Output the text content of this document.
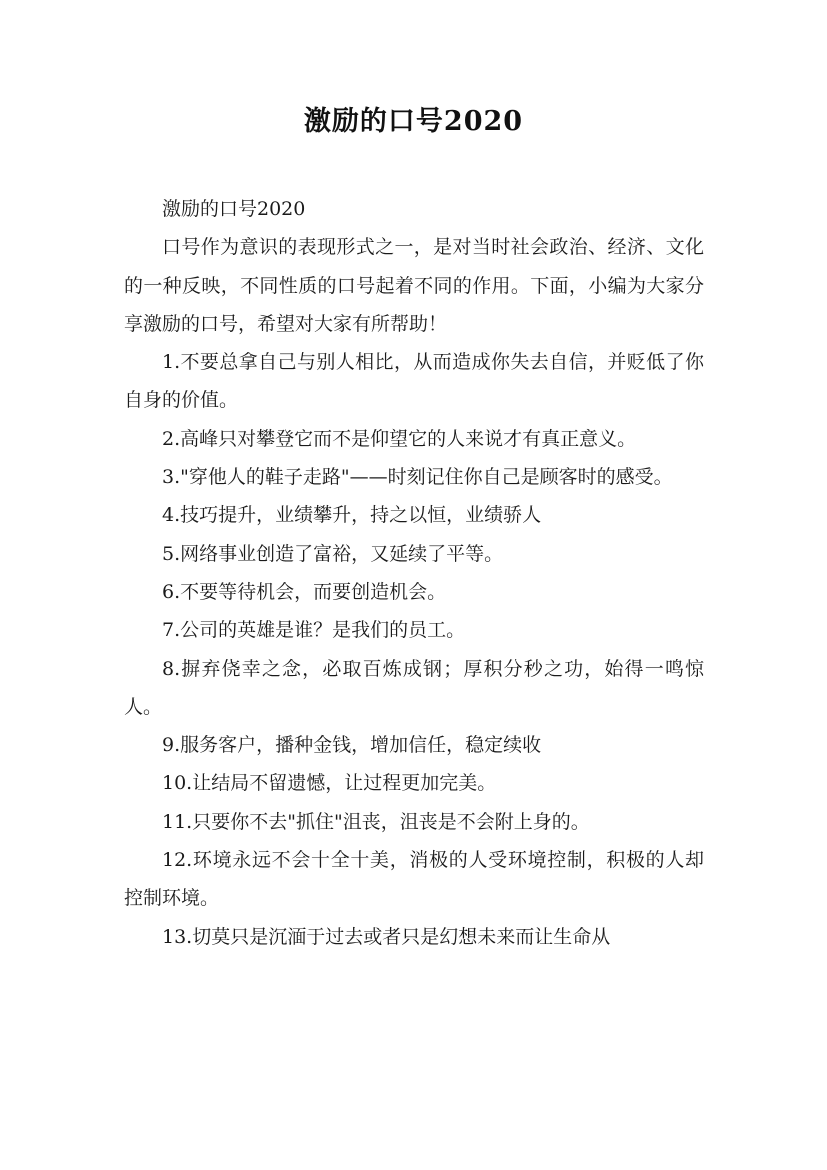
激励的口号2020

激励的口号2020

口号作为意识的表现形式之一，是对当时社会政治、经济、文化的一种反映，不同性质的口号起着不同的作用。下面，小编为大家分享激励的口号，希望对大家有所帮助！

1.不要总拿自己与别人相比，从而造成你失去自信，并贬低了你自身的价值。

2.高峰只对攀登它而不是仰望它的人来说才有真正意义。

3."穿他人的鞋子走路"——时刻记住你自己是顾客时的感受。

4.技巧提升，业绩攀升，持之以恒，业绩骄人

5.网络事业创造了富裕，又延续了平等。

6.不要等待机会，而要创造机会。

7.公司的英雄是谁？是我们的员工。

8.摒弃侥幸之念，必取百炼成钢；厚积分秒之功，始得一鸣惊人。

9.服务客户，播种金钱，增加信任，稳定续收

10.让结局不留遗憾，让过程更加完美。

11.只要你不去"抓住"沮丧，沮丧是不会附上身的。

12.环境永远不会十全十美，消极的人受环境控制，积极的人却控制环境。

13.切莫只是沉湎于过去或者只是幻想未来而让生命从
